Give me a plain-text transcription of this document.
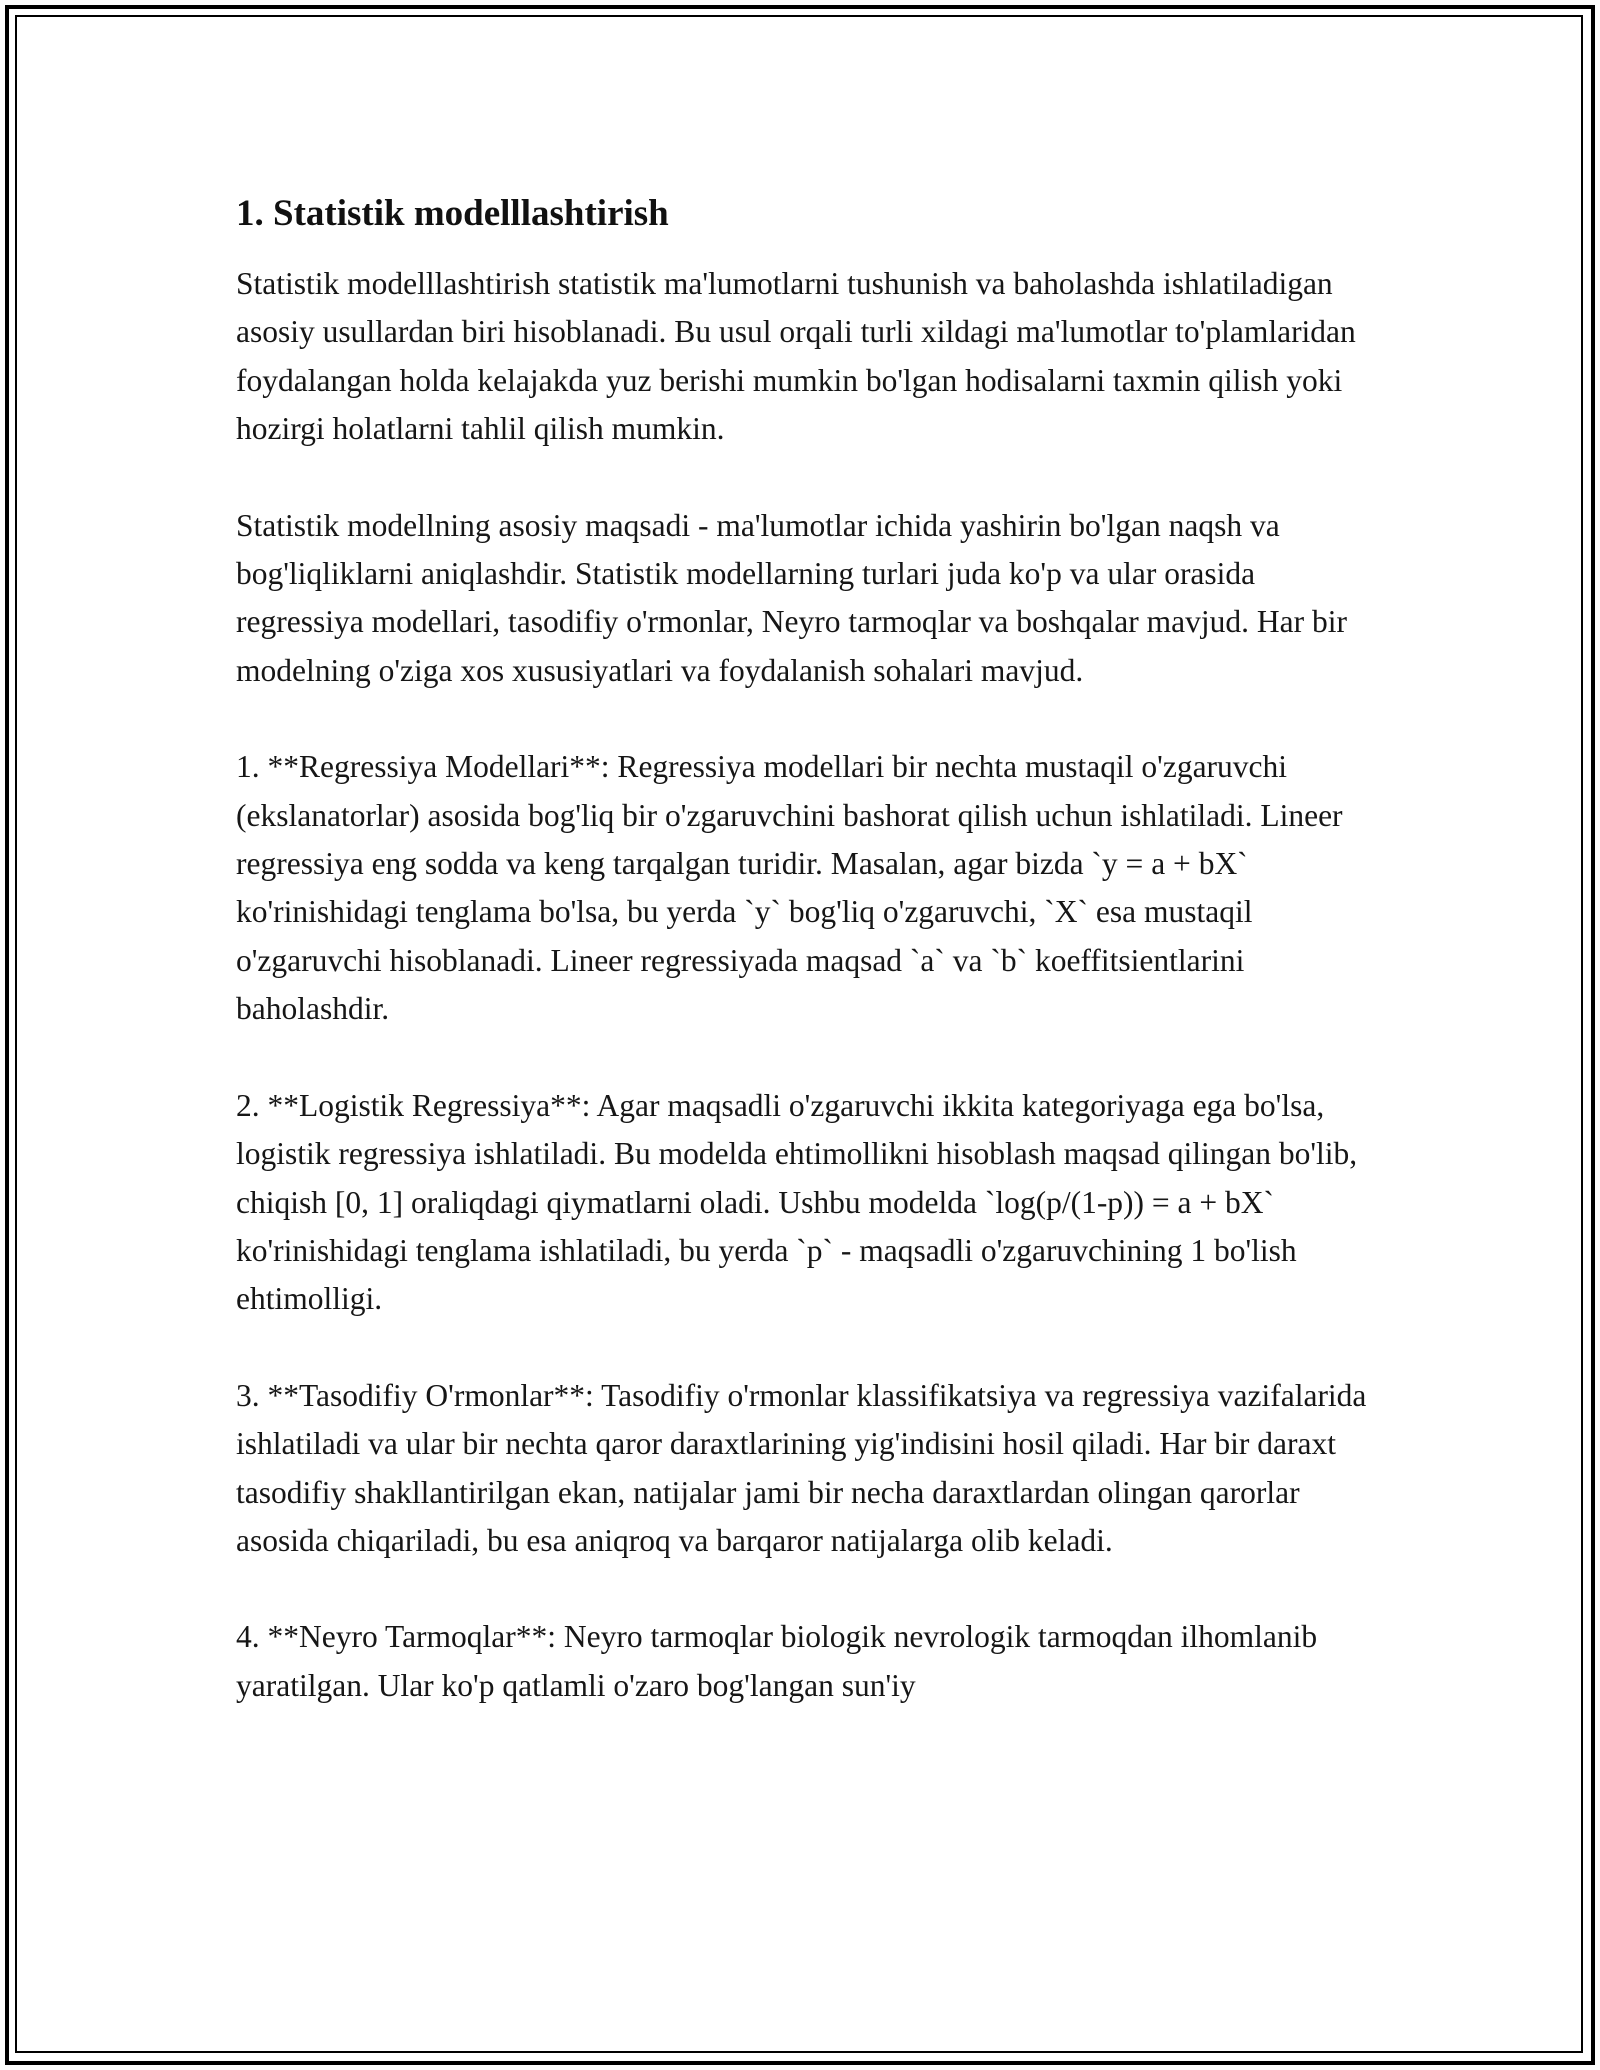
1. Statistik modelllashtirish

Statistik modelllashtirish statistik ma'lumotlarni tushunish va baholashda ishlatiladigan asosiy usullardan biri hisoblanadi. Bu usul orqali turli xildagi ma'lumotlar to'plamlaridan foydalangan holda kelajakda yuz berishi mumkin bo'lgan hodisalarni taxmin qilish yoki hozirgi holatlarni tahlil qilish mumkin.

Statistik modellning asosiy maqsadi - ma'lumotlar ichida yashirin bo'lgan naqsh va bog'liqliklarni aniqlashdir. Statistik modellarning turlari juda ko'p va ular orasida regressiya modellari, tasodifiy o'rmonlar, Neyro tarmoqlar va boshqalar mavjud. Har bir modelning o'ziga xos xususiyatlari va foydalanish sohalari mavjud.

1. **Regressiya Modellari**: Regressiya modellari bir nechta mustaqil o'zgaruvchi (ekslanatorlar) asosida bog'liq bir o'zgaruvchini bashorat qilish uchun ishlatiladi. Lineer regressiya eng sodda va keng tarqalgan turidir. Masalan, agar bizda `y = a + bX` ko'rinishidagi tenglama bo'lsa, bu yerda `y` bog'liq o'zgaruvchi, `X` esa mustaqil o'zgaruvchi hisoblanadi. Lineer regressiyada maqsad `a` va `b` koeffitsientlarini baholashdir.

2. **Logistik Regressiya**: Agar maqsadli o'zgaruvchi ikkita kategoriyaga ega bo'lsa, logistik regressiya ishlatiladi. Bu modelda ehtimollikni hisoblash maqsad qilingan bo'lib, chiqish [0, 1] oraliqdagi qiymatlarni oladi. Ushbu modelda `log(p/(1-p)) = a + bX` ko'rinishidagi tenglama ishlatiladi, bu yerda `p` - maqsadli o'zgaruvchining 1 bo'lish ehtimolligi.

3. **Tasodifiy O'rmonlar**: Tasodifiy o'rmonlar klassifikatsiya va regressiya vazifalarida ishlatiladi va ular bir nechta qaror daraxtlarining yig'indisini hosil qiladi. Har bir daraxt tasodifiy shakllantirilgan ekan, natijalar jami bir necha daraxtlardan olingan qarorlar asosida chiqariladi, bu esa aniqroq va barqaror natijalarga olib keladi.

4. **Neyro Tarmoqlar**: Neyro tarmoqlar biologik nevrologik tarmoqdan ilhomlanib yaratilgan. Ular ko'p qatlamli o'zaro bog'langan sun'iy
